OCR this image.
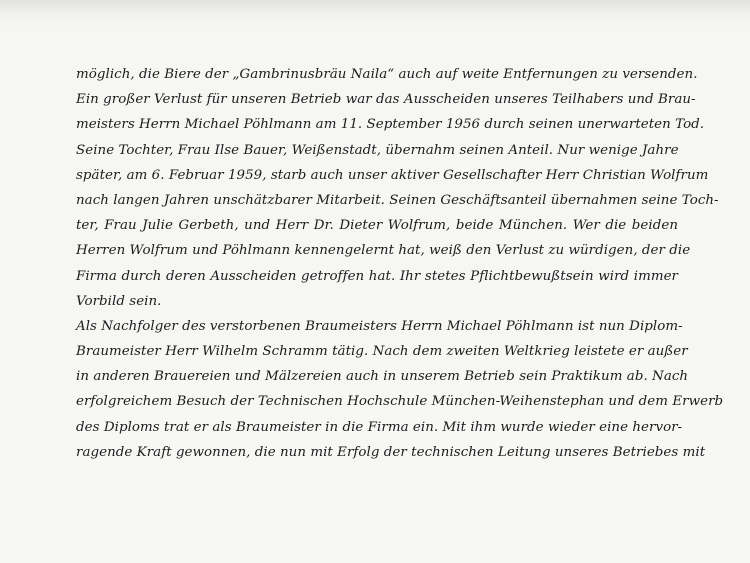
möglich, die Biere der „Gambrinusbräu Naila“ auch auf weite Entfernungen zu versenden.
Ein großer Verlust für unseren Betrieb war das Ausscheiden unseres Teilhabers und Brau-
meisters Herrn Michael Pöhlmann am 11. September 1956 durch seinen unerwarteten Tod.
Seine Tochter, Frau Ilse Bauer, Weißenstadt, übernahm seinen Anteil. Nur wenige Jahre
später, am 6. Februar 1959, starb auch unser aktiver Gesellschafter Herr Christian Wolfrum
nach langen Jahren unschätzbarer Mitarbeit. Seinen Geschäftsanteil übernahmen seine Toch-
ter, Frau Julie Gerbeth, und Herr Dr. Dieter Wolfrum, beide München. Wer die beiden
Herren Wolfrum und Pöhlmann kennengelernt hat, weiß den Verlust zu würdigen, der die
Firma durch deren Ausscheiden getroffen hat. Ihr stetes Pflichtbewußtsein wird immer
Vorbild sein.
Als Nachfolger des verstorbenen Braumeisters Herrn Michael Pöhlmann ist nun Diplom-
Braumeister Herr Wilhelm Schramm tätig. Nach dem zweiten Weltkrieg leistete er außer
in anderen Brauereien und Mälzereien auch in unserem Betrieb sein Praktikum ab. Nach
erfolgreichem Besuch der Technischen Hochschule München-Weihenstephan und dem Erwerb
des Diploms trat er als Braumeister in die Firma ein. Mit ihm wurde wieder eine hervor-
ragende Kraft gewonnen, die nun mit Erfolg der technischen Leitung unseres Betriebes mit
